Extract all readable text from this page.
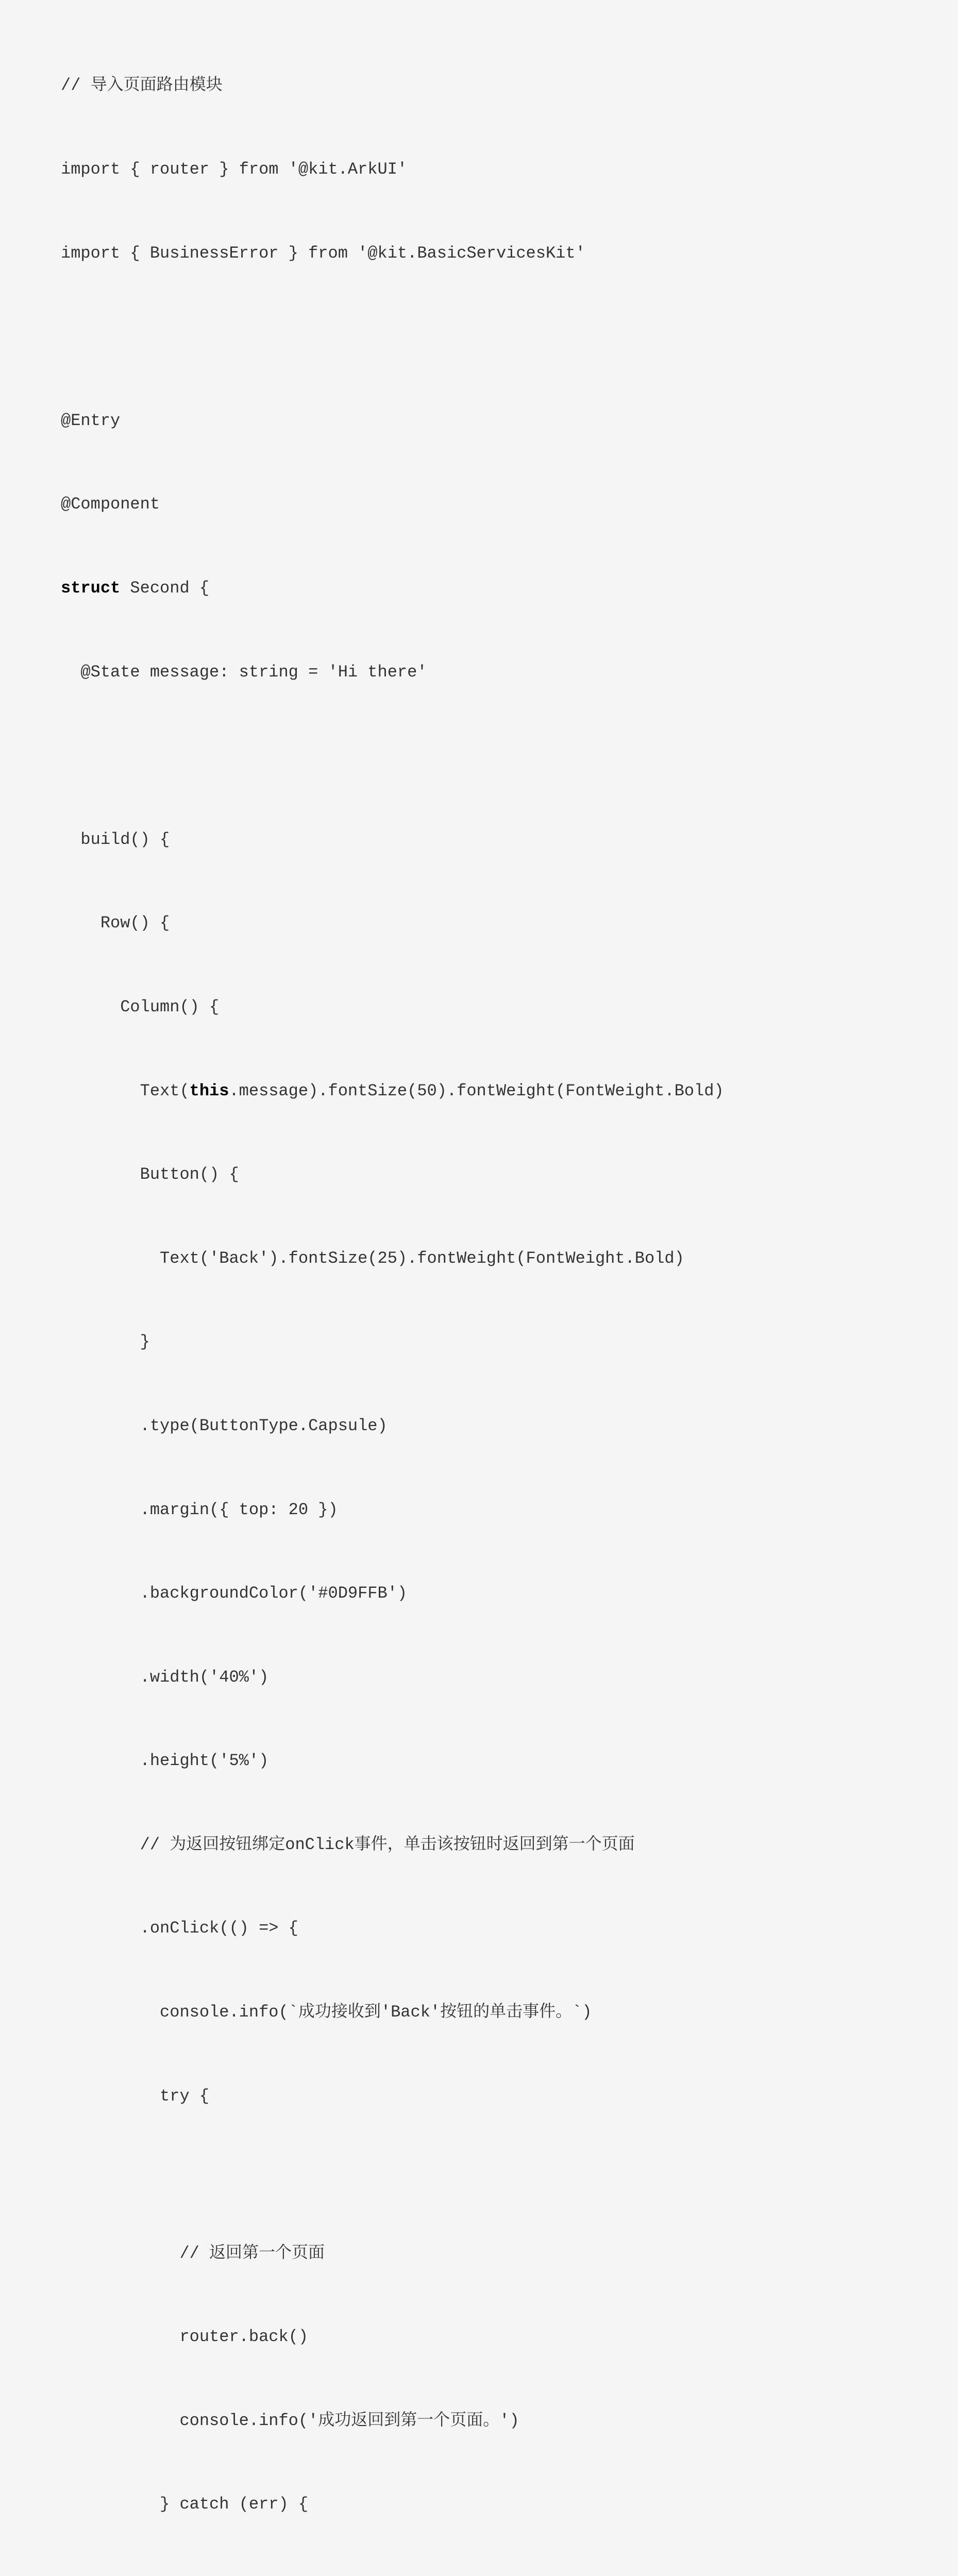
// 导入页面路由模块

import { router } from '@kit.ArkUI'

import { BusinessError } from '@kit.BasicServicesKit'

@Entry

@Component

struct Second {

@State message: string = 'Hi there'

build() {

Row() {

Column() {

Text(this.message).fontSize(50).fontWeight(FontWeight.Bold)

Button() {

Text('Back').fontSize(25).fontWeight(FontWeight.Bold)

}

.type(ButtonType.Capsule)

.margin({ top: 20 })

.backgroundColor('#0D9FFB')

.width('40%')

.height('5%')

// 为返回按钮绑定onClick事件，单击该按钮时返回到第一个页面

.onClick(() => {

console.info(`成功接收到'Back'按钮的单击事件。`)

try {

// 返回第一个页面

router.back()

console.info('成功返回到第一个页面。')

} catch (err) {
